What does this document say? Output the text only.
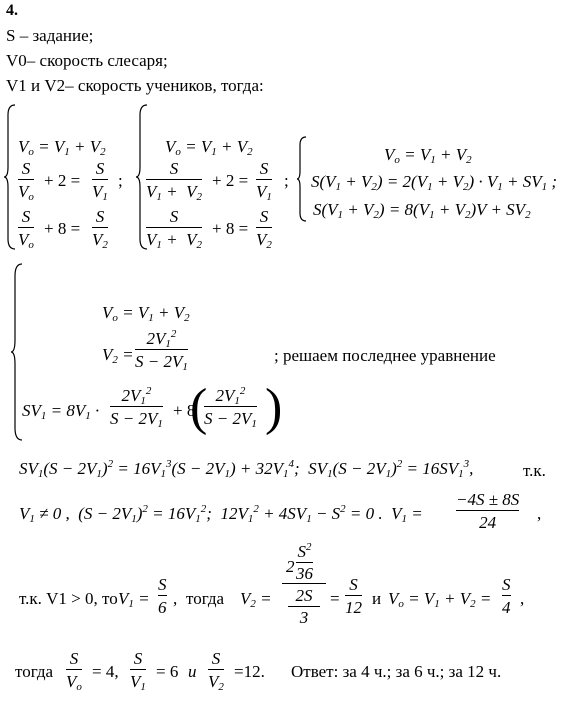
4.
S – задание;
V0– скорость слесаря;
V1 и V2– скорость учеников, тогда:
$V_o = V_1 + V_2$
S
$V_o$
+ 2 =
S
$V_1$
S
$V_o$
+ 8 =
S
$V_2$
;
$V_o = V_1 + V_2$
S
$V_1 + V_2$
+ 2 =
S
$V_1$
S
$V_1 + V_2$
+ 8 =
S
$V_2$
;
$V_o = V_1 + V_2$
$S(V_1 + V_2) = 2(V_1 + V_2) \cdot V_1 + SV_1$ ;
$S(V_1 + V_2) = 8(V_1 + V_2)V + SV_2$
$V_o = V_1 + V_2$
$V_2$ =
$2V_1^2$
$S - 2V_1$
; решаем последнее уравнение
$SV_1 = 8V_1$ ·
$2V_1^2$
$S - 2V_1$
+ 8
( $2V_1^2$
$S - 2V_1$ )
$SV_1(S - 2V_1)^2 = 16V_1^3(S - 2V_1) + 32V_1^4$;  $SV_1(S - 2V_1)^2 = 16SV_1^3$,	т.к.
$V_1 \ne 0$ ,  $(S - 2V_1)^2 = 16V_1^2$;  $12V_1^2 + 4SV_1 - S^2 = 0$ .  $V_1$ =
−4S ± 8S
24	,
т.к. V1 > 0, то $V_1$ =
S
6 , тогда $V_2$ =
2
$S^2$
36
2S
3
=
S
12 и $V_o = V_1 + V_2$ =
S
4 ,
тогда
S
$V_o$
= 4,
S
$V_1$
= 6 и
S
$V_2$
=12. Ответ: за 4 ч.; за 6 ч.; за 12 ч.
